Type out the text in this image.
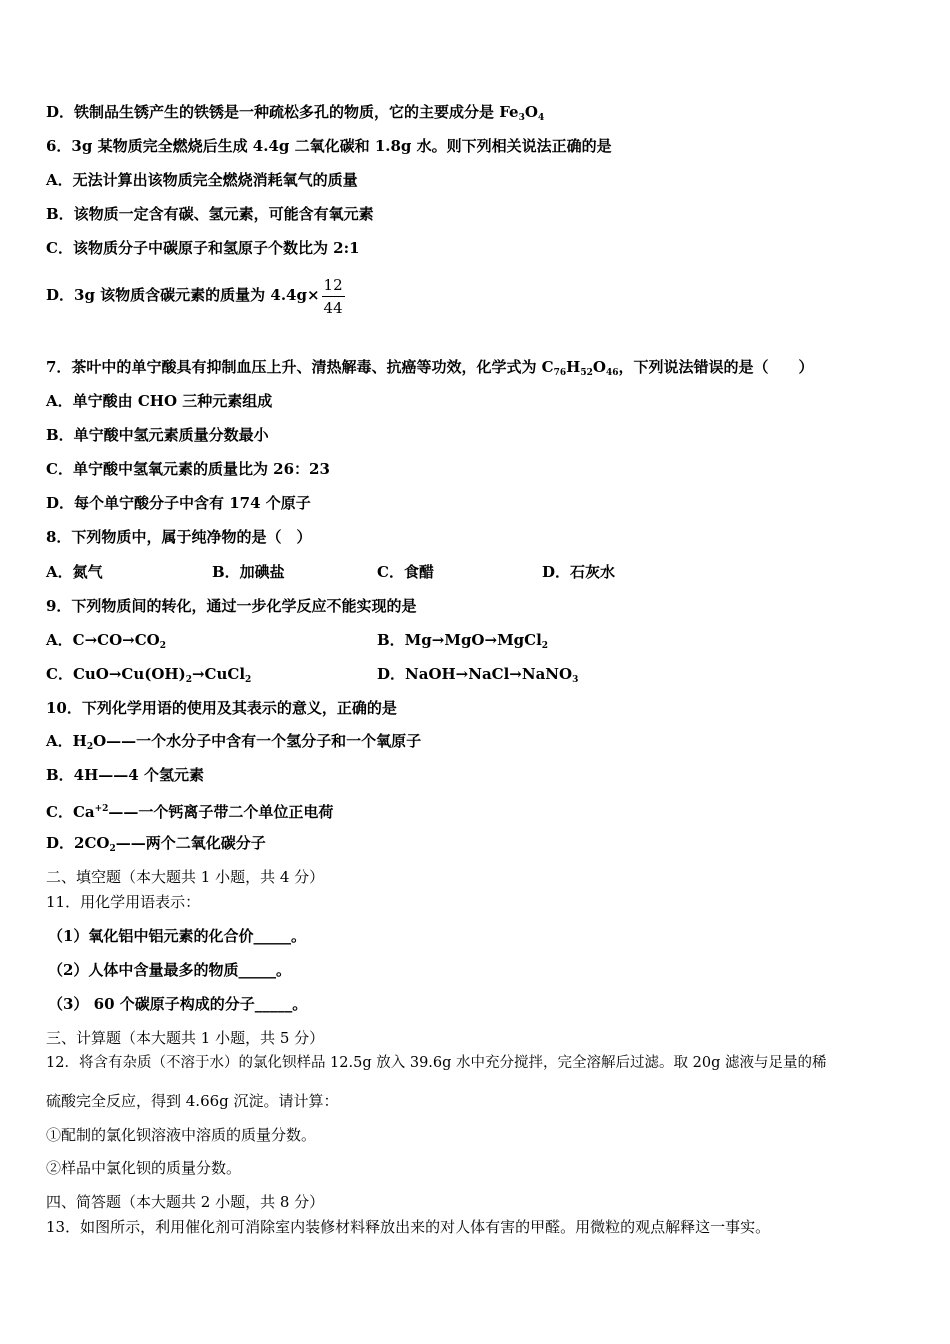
D．铁制品生锈产生的铁锈是一种疏松多孔的物质，它的主要成分是 $Fe_3O_4$
6．3g 某物质完全燃烧后生成 4.4g 二氧化碳和 1.8g 水。则下列相关说法正确的是
A．无法计算出该物质完全燃烧消耗氧气的质量
B．该物质一定含有碳、氢元素，可能含有氧元素
C．该物质分子中碳原子和氢原子个数比为 2:1
D．3g 该物质含碳元素的质量为 $4.4g\times \frac{12}{44}$
7．茶叶中的单宁酸具有抑制血压上升、清热解毒、抗癌等功效，化学式为 $C_{76}H_{52}O_{46}$，下列说法错误的是（　　）
A．单宁酸由 CHO 三种元素组成
B．单宁酸中氢元素质量分数最小
C．单宁酸中氢氧元素的质量比为 26：23
D．每个单宁酸分子中含有 174 个原子
8．下列物质中，属于纯净物的是（　）
A．氮气	B．加碘盐	C．食醋	D．石灰水
9．下列物质间的转化，通过一步化学反应不能实现的是
A．$C\to CO\to CO_2$	B．Mg→MgO→MgCl$_2$
C．$CuO\to Cu(OH)_2\to CuCl_2$	D．NaOH→NaCl→NaNO$_3$
10．下列化学用语的使用及其表示的意义，正确的是
A．$H_2O——$一个水分子中含有一个氢分子和一个氧原子
B．4H——4 个氢元素
C．$Ca^{+2}——$一个钙离子带二个单位正电荷
D．$2CO_2——$两个二氧化碳分子
二、填空题（本大题共 1 小题，共 4 分）
11．用化学用语表示：
（1）氧化铝中铝元素的化合价_____。
（2）人体中含量最多的物质_____。
（3） 60 个碳原子构成的分子_____。
三、计算题（本大题共 1 小题，共 5 分）
12．将含有杂质（不溶于水）的氯化钡样品 12.5g 放入 39.6g 水中充分搅拌，完全溶解后过滤。取 20g 滤液与足量的稀
硫酸完全反应，得到 4.66g 沉淀。请计算：
①配制的氯化钡溶液中溶质的质量分数。
②样品中氯化钡的质量分数。
四、简答题（本大题共 2 小题，共 8 分）
13．如图所示，利用催化剂可消除室内装修材料释放出来的对人体有害的甲醛。用微粒的观点解释这一事实。
